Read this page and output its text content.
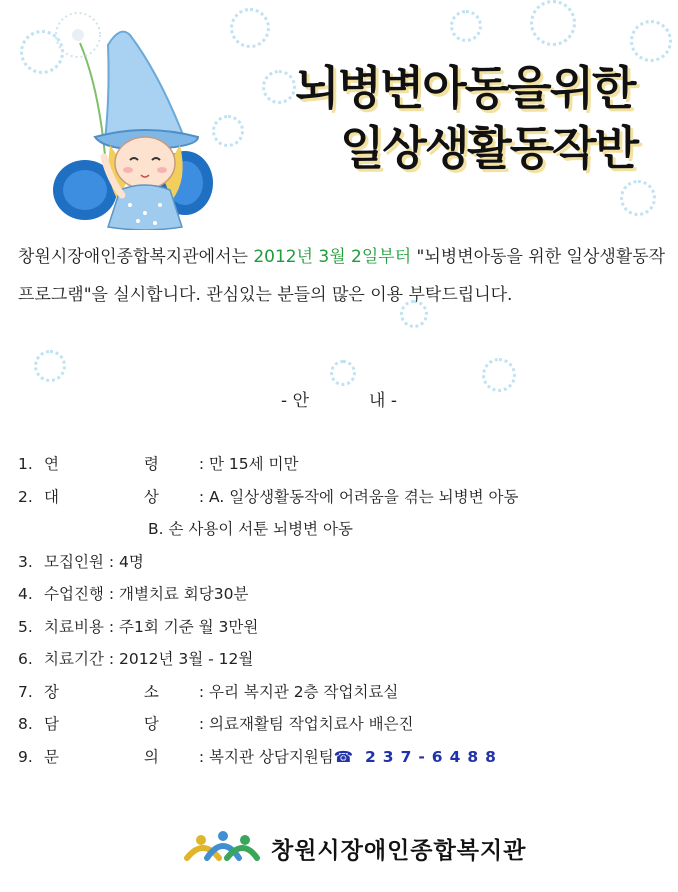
뇌병변아동을위한
일상생활동작반

창원시장애인종합복지관에서는 2012년 3월 2일부터 "뇌병변아동을 위한 일상생활동작 프로그램"을 실시합니다. 관심있는 분들의 많은 이용 부탁드립니다.

- 안	내 -
1. 연 령: 만 15세 미만
2. 대 상: A. 일상생활동작에 어려움을 겪는 뇌병변 아동
B. 손 사용이 서툰 뇌병변 아동
3. 모집인원 : 4명
4. 수업진행 : 개별치료 회당30분
5. 치료비용 : 주1회 기준 월 3만원
6. 치료기간 : 2012년 3월 - 12월
7. 장 소: 우리 복지관 2층 작업치료실
8. 담 당: 의료재활팀 작업치료사 배은진
9. 문 의: 복지관 상담지원팀☎ 237-6488
창원시장애인종합복지관
